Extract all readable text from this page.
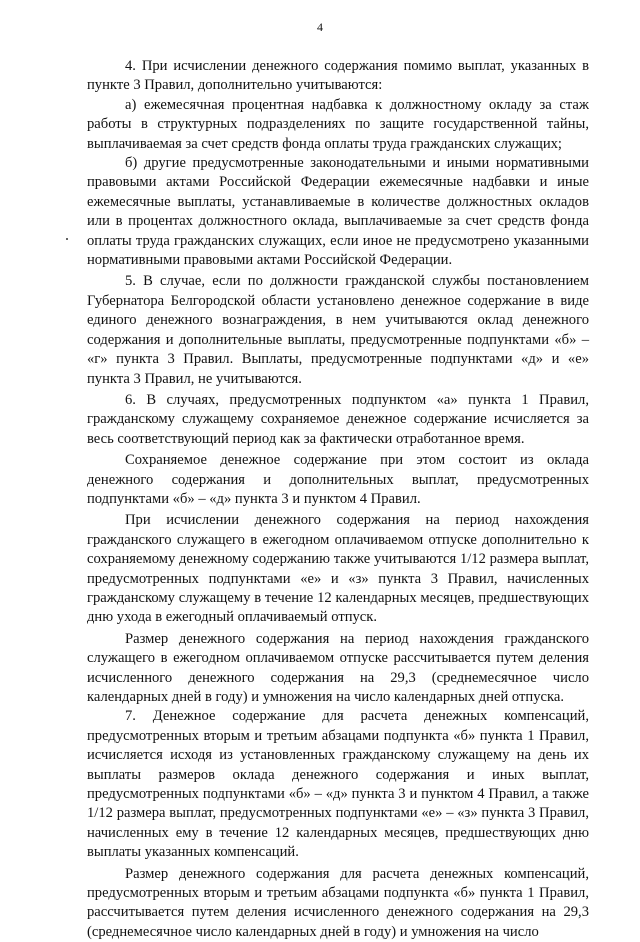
4

4. При исчислении денежного содержания помимо выплат, указанных в пункте 3 Правил, дополнительно учитываются:

а) ежемесячная процентная надбавка к должностному окладу за стаж работы в структурных подразделениях по защите государственной тайны, выплачиваемая за счет средств фонда оплаты труда гражданских служащих;

б) другие предусмотренные законодательными и иными нормативными правовыми актами Российской Федерации ежемесячные надбавки и иные ежемесячные выплаты, устанавливаемые в количестве должностных окладов или в процентах должностного оклада, выплачиваемые за счет средств фонда оплаты труда гражданских служащих, если иное не предусмотрено указанными нормативными правовыми актами Российской Федерации.

5. В случае, если по должности гражданской службы постановлением Губернатора Белгородской области установлено денежное содержание в виде единого денежного вознаграждения, в нем учитываются оклад денежного содержания и дополнительные выплаты, предусмотренные подпунктами «б» – «г» пункта 3 Правил. Выплаты, предусмотренные подпунктами «д» и «е» пункта 3 Правил, не учитываются.

6. В случаях, предусмотренных подпунктом «а» пункта 1 Правил, гражданскому служащему сохраняемое денежное содержание исчисляется за весь соответствующий период как за фактически отработанное время.

Сохраняемое денежное содержание при этом состоит из оклада денежного содержания и дополнительных выплат, предусмотренных подпунктами «б» – «д» пункта 3 и пунктом 4 Правил.

При исчислении денежного содержания на период нахождения гражданского служащего в ежегодном оплачиваемом отпуске дополнительно к сохраняемому денежному содержанию также учитываются 1/12 размера выплат, предусмотренных подпунктами «е» и «з» пункта 3 Правил, начисленных гражданскому служащему в течение 12 календарных месяцев, предшествующих дню ухода в ежегодный оплачиваемый отпуск.

Размер денежного содержания на период нахождения гражданского служащего в ежегодном оплачиваемом отпуске рассчитывается путем деления исчисленного денежного содержания на 29,3 (среднемесячное число календарных дней в году) и умножения на число календарных дней отпуска.

7. Денежное содержание для расчета денежных компенсаций, предусмотренных вторым и третьим абзацами подпункта «б» пункта 1 Правил, исчисляется исходя из установленных гражданскому служащему на день их выплаты размеров оклада денежного содержания и иных выплат, предусмотренных подпунктами «б» – «д» пункта 3 и пунктом 4 Правил, а также 1/12 размера выплат, предусмотренных подпунктами «е» – «з» пункта 3 Правил, начисленных ему в течение 12 календарных месяцев, предшествующих дню выплаты указанных компенсаций.

Размер денежного содержания для расчета денежных компенсаций, предусмотренных вторым и третьим абзацами подпункта «б» пункта 1 Правил, рассчитывается путем деления исчисленного денежного содержания на 29,3 (среднемесячное число календарных дней в году) и умножения на число
